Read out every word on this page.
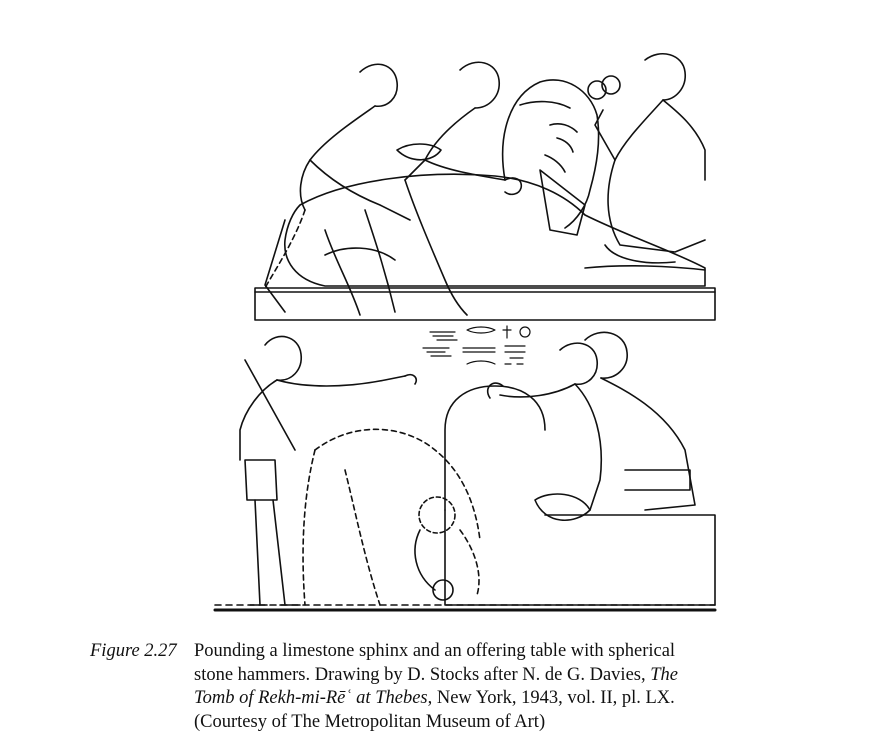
Figure 2.27 Pounding a limestone sphinx and an offering table with spherical
stone hammers. Drawing by D. Stocks after N. de G. Davies, The
Tomb of Rekh-mi-Rēʿ at Thebes, New York, 1943, vol. II, pl. LX.
(Courtesy of The Metropolitan Museum of Art)
